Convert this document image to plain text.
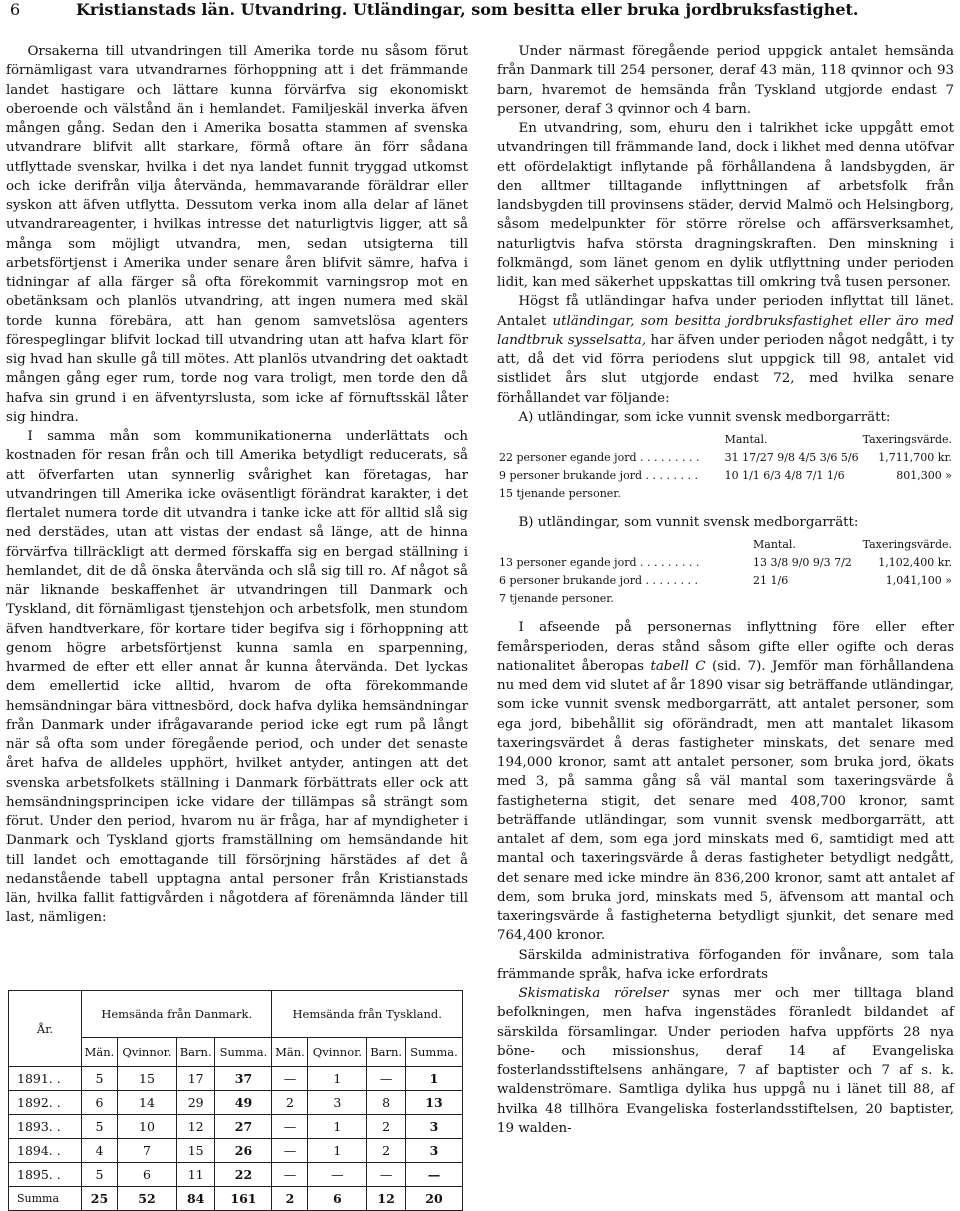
6	Kristianstads län. Utvandring. Utländingar, som besitta eller bruka jordbruksfastighet.

Orsakerna till utvandringen till Amerika torde nu såsom förut förnämligast vara utvandrarnes förhoppning att i det främmande landet hastigare och lättare kunna förvärfva sig ekonomiskt oberoende och välstånd än i hemlandet. Familjeskäl inverka äfven mången gång. Sedan den i Amerika bosatta stammen af svenska utvandrare blifvit allt starkare, förmå oftare än förr sådana utflyttade svenskar, hvilka i det nya landet funnit tryggad utkomst och icke derifrån vilja återvända, hemmavarande föräldrar eller syskon att äfven utflytta. Dessutom verka inom alla delar af länet utvandrareagenter, i hvilkas intresse det naturligtvis ligger, att så många som möjligt utvandra, men, sedan utsigterna till arbetsförtjenst i Amerika under senare åren blifvit sämre, hafva i tidningar af alla färger så ofta förekommit varningsrop mot en obetänksam och planlös utvandring, att ingen numera med skäl torde kunna förebära, att han genom samvetslösa agenters förespeglingar blifvit lockad till utvandring utan att hafva klart för sig hvad han skulle gå till mötes. Att planlös utvandring det oaktadt mången gång eger rum, torde nog vara troligt, men torde den då hafva sin grund i en äfventyrslusta, som icke af förnuftsskäl låter sig hindra.

I samma mån som kommunikationerna underlättats och kostnaden för resan från och till Amerika betydligt reducerats, så att öfverfarten utan synnerlig svårighet kan företagas, har utvandringen till Amerika icke oväsentligt förändrat karakter, i det flertalet numera torde dit utvandra i tanke icke att för alltid slå sig ned derstädes, utan att vistas der endast så länge, att de hinna förvärfva tillräckligt att dermed förskaffa sig en bergad ställning i hemlandet, dit de då önska återvända och slå sig till ro. Af något så när liknande beskaffenhet är utvandringen till Danmark och Tyskland, dit förnämligast tjenstehjon och arbetsfolk, men stundom äfven handtverkare, för kortare tider begifva sig i förhoppning att genom högre arbetsförtjenst kunna samla en sparpenning, hvarmed de efter ett eller annat år kunna återvända. Det lyckas dem emellertid icke alltid, hvarom de ofta förekommande hemsändningar bära vittnesbörd, dock hafva dylika hemsändningar från Danmark under ifrågavarande period icke egt rum på långt när så ofta som under föregående period, och under det senaste året hafva de alldeles upphört, hvilket antyder, antingen att det svenska arbetsfolkets ställning i Danmark förbättrats eller ock att hemsändningsprincipen icke vidare der tillämpas så strängt som förut. Under den period, hvarom nu är fråga, har af myndigheter i Danmark och Tyskland gjorts framställning om hemsändande hit till landet och emottagande till försörjning härstädes af det å nedanstående tabell upptagna antal personer från Kristianstads län, hvilka fallit fattigvården i någotdera af förenämnda länder till last, nämligen:

År.	Hemsända från Danmark.				Hemsända från Tyskland.			
	Män.	Qvinnor.	Barn.	Summa.	Män.	Qvinnor.	Barn.	Summa.
1891. .	5	15	17	37	—	1	—	1
1892. .	6	14	29	49	2	3	8	13
1893. .	5	10	12	27	—	1	2	3
1894. .	4	7	15	26	—	1	2	3
1895. .	5	6	11	22	—	—	—	—
Summa	25	52	84	161	2	6	12	20

Under närmast föregående period uppgick antalet hemsända från Danmark till 254 personer, deraf 43 män, 118 qvinnor och 93 barn, hvaremot de hemsända från Tyskland utgjorde endast 7 personer, deraf 3 qvinnor och 4 barn.

En utvandring, som, ehuru den i talrikhet icke uppgått emot utvandringen till främmande land, dock i likhet med denna utöfvar ett ofördelaktigt inflytande på förhållandena å landsbygden, är den alltmer tilltagande inflyttningen af arbetsfolk från landsbygden till provinsens städer, dervid Malmö och Helsingborg, såsom medelpunkter för större rörelse och affärsverksamhet, naturligtvis hafva största dragningskraften. Den minskning i folkmängd, som länet genom en dylik utflyttning under perioden lidit, kan med säkerhet uppskattas till omkring två tusen personer.

Högst få utländingar hafva under perioden inflyttat till länet. Antalet utländingar, som besitta jordbruksfastighet eller äro med landtbruk sysselsatta, har äfven under perioden något nedgått, i ty att, då det vid förra periodens slut uppgick till 98, antalet vid sistlidet års slut utgjorde endast 72, med hvilka senare förhållandet var följande:

A) utländingar, som icke vunnit svensk medborgarrätt:

	Mantal.	Taxeringsvärde.
22 personer egande jord . . . . . . . . .	31 17/27 9/8 4/5 3/6 5/6	1,711,700 kr.
9 personer brukande jord . . . . . . . .	10 1/1 6/3 4/8 7/1 1/6	801,300 »
15 tjenande personer.		

B) utländingar, som vunnit svensk medborgarrätt:

	Mantal.	Taxeringsvärde.
13 personer egande jord . . . . . . . . .	13 3/8 9/0 9/3 7/2	1,102,400 kr.
6 personer brukande jord . . . . . . . .	21 1/6	1,041,100 »
7 tjenande personer.		

I afseende på personernas inflyttning före eller efter femårsperioden, deras stånd såsom gifte eller ogifte och deras nationalitet åberopas tabell C (sid. 7). Jemför man förhållandena nu med dem vid slutet af år 1890 visar sig beträffande utländingar, som icke vunnit svensk medborgarrätt, att antalet personer, som ega jord, bibehållit sig oförändradt, men att mantalet likasom taxeringsvärdet å deras fastigheter minskats, det senare med 194,000 kronor, samt att antalet personer, som bruka jord, ökats med 3, på samma gång så väl mantal som taxeringsvärde å fastigheterna stigit, det senare med 408,700 kronor, samt beträffande utländingar, som vunnit svensk medborgarrätt, att antalet af dem, som ega jord minskats med 6, samtidigt med att mantal och taxeringsvärde å deras fastigheter betydligt nedgått, det senare med icke mindre än 836,200 kronor, samt att antalet af dem, som bruka jord, minskats med 5, äfvensom att mantal och taxeringsvärde å fastigheterna betydligt sjunkit, det senare med 764,400 kronor.

Särskilda administrativa förfoganden för invånare, som tala främmande språk, hafva icke erfordrats

Skismatiska rörelser synas mer och mer tilltaga bland befolkningen, men hafva ingenstädes föranledt bildandet af särskilda församlingar. Under perioden hafva uppförts 28 nya böne- och missionshus, deraf 14 af Evangeliska fosterlandsstiftelsens anhängare, 7 af baptister och 7 af s. k. waldenströmare. Samtliga dylika hus uppgå nu i länet till 88, af hvilka 48 tillhöra Evangeliska fosterlandsstiftelsen, 20 baptister, 19 walden-
